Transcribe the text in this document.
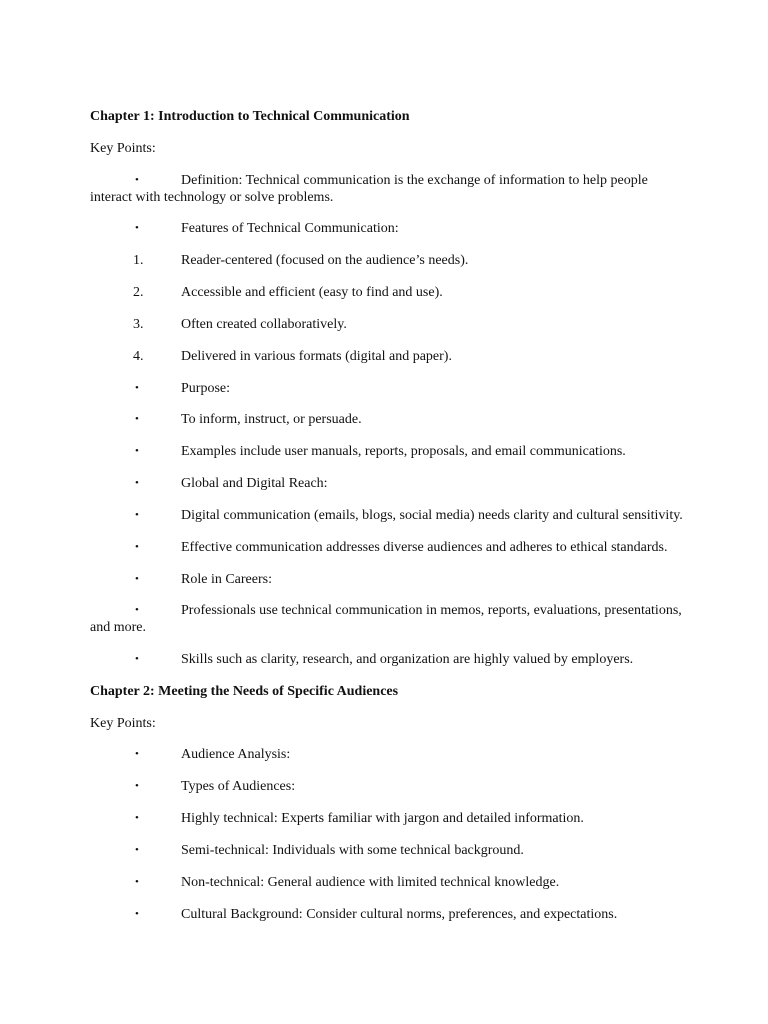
Chapter 1: Introduction to Technical Communication
Key Points:
•	Definition: Technical communication is the exchange of information to help people
interact with technology or solve problems.
•	Features of Technical Communication:
1.	Reader-centered (focused on the audience’s needs).
2.	Accessible and efficient (easy to find and use).
3.	Often created collaboratively.
4.	Delivered in various formats (digital and paper).
•	Purpose:
•	To inform, instruct, or persuade.
•	Examples include user manuals, reports, proposals, and email communications.
•	Global and Digital Reach:
•	Digital communication (emails, blogs, social media) needs clarity and cultural sensitivity.
•	Effective communication addresses diverse audiences and adheres to ethical standards.
•	Role in Careers:
•	Professionals use technical communication in memos, reports, evaluations, presentations,
and more.
•	Skills such as clarity, research, and organization are highly valued by employers.
Chapter 2: Meeting the Needs of Specific Audiences
Key Points:
•	Audience Analysis:
•	Types of Audiences:
•	Highly technical: Experts familiar with jargon and detailed information.
•	Semi-technical: Individuals with some technical background.
•	Non-technical: General audience with limited technical knowledge.
•	Cultural Background: Consider cultural norms, preferences, and expectations.
